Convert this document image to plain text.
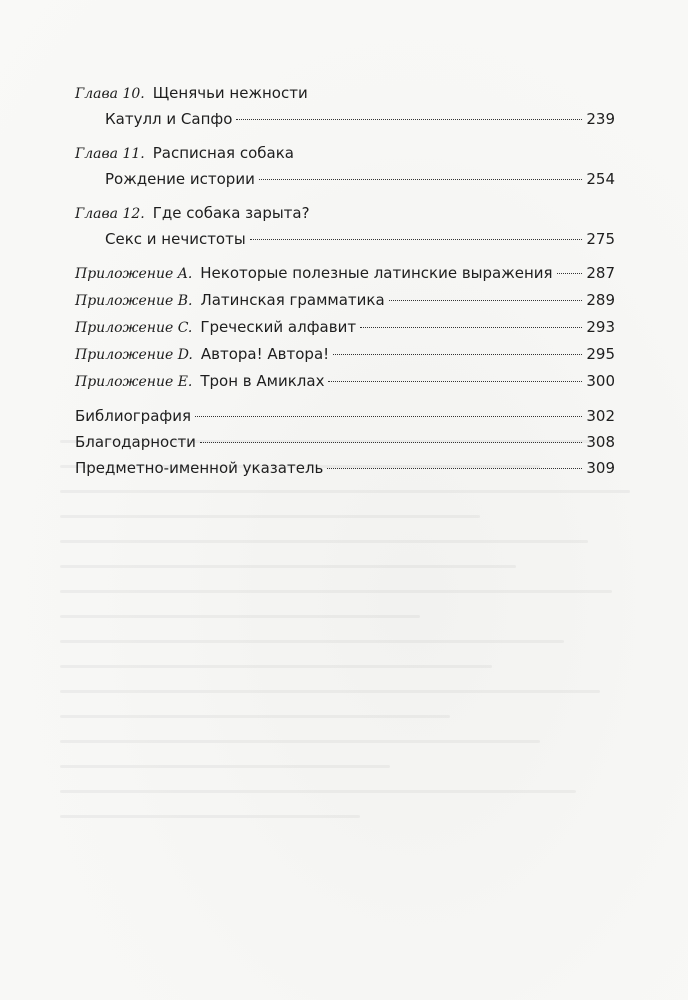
Глава 10. Щенячьи нежности
Катулл и Сапфо	239
Глава 11. Расписная собака
Рождение истории	254
Глава 12. Где собака зарыта?
Секс и нечистоты	275
Приложение A. Некоторые полезные латинские выражения 287
Приложение B. Латинская грамматика	289
Приложение C. Греческий алфавит	293
Приложение D. Автора! Автора!	295
Приложение E. Трон в Амиклах	300
Библиография	302
Благодарности	308
Предметно-именной указатель	309
